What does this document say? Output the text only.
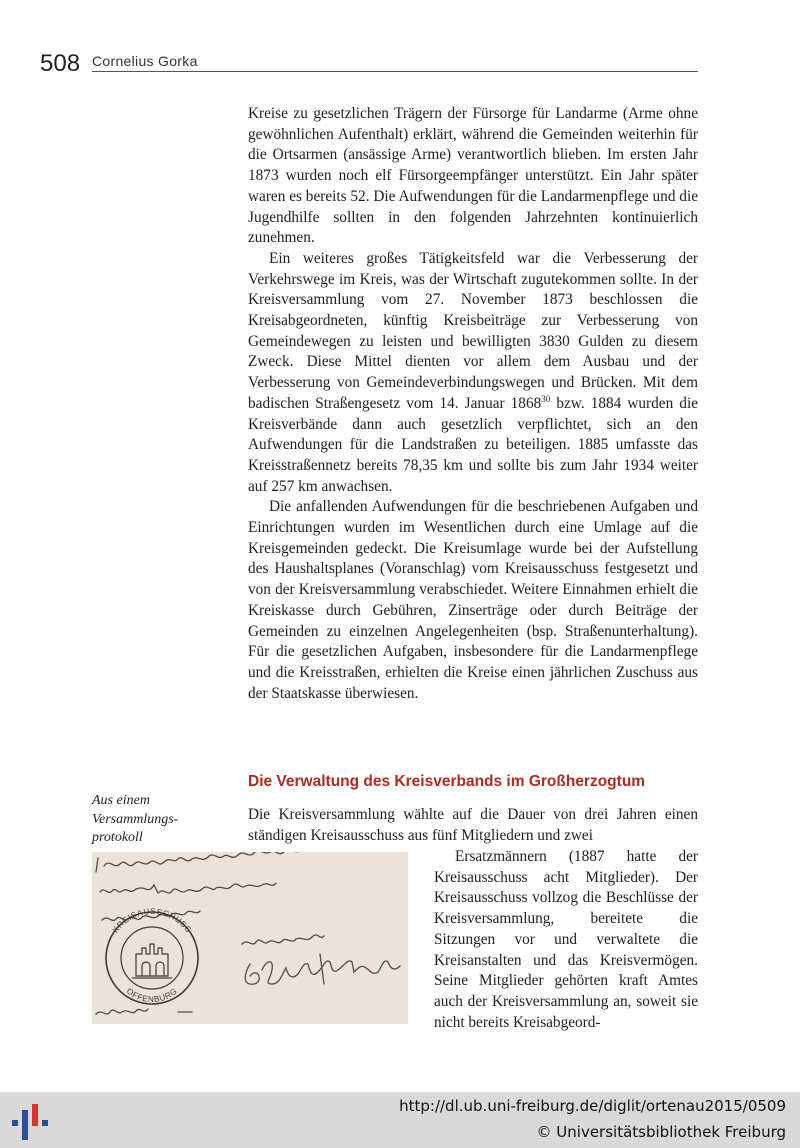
508 Cornelius Gorka

Kreise zu gesetzlichen Trägern der Fürsorge für Landarme (Arme ohne gewöhnlichen Aufenthalt) erklärt, während die Gemeinden weiterhin für die Ortsarmen (ansässige Arme) verantwortlich blieben. Im ersten Jahr 1873 wurden noch elf Fürsorgeempfänger unterstützt. Ein Jahr später waren es bereits 52. Die Aufwendungen für die Landarmenpflege und die Jugendhilfe sollten in den folgenden Jahrzehnten kontinuierlich zunehmen.

Ein weiteres großes Tätigkeitsfeld war die Verbesserung der Verkehrswege im Kreis, was der Wirtschaft zugutekommen sollte. In der Kreisversammlung vom 27. November 1873 beschlossen die Kreisabgeordneten, künftig Kreisbeiträge zur Verbesserung von Gemeindewegen zu leisten und bewilligten 3830 Gulden zu diesem Zweck. Diese Mittel dienten vor allem dem Ausbau und der Verbesserung von Gemeindeverbindungswegen und Brücken. Mit dem badischen Straßengesetz vom 14. Januar 1868$^{30}$ bzw. 1884 wurden die Kreisverbände dann auch gesetzlich verpflichtet, sich an den Aufwendungen für die Landstraßen zu beteiligen. 1885 umfasste das Kreisstraßennetz bereits 78,35 km und sollte bis zum Jahr 1934 weiter auf 257 km anwachsen.

Die anfallenden Aufwendungen für die beschriebenen Aufgaben und Einrichtungen wurden im Wesentlichen durch eine Umlage auf die Kreisgemeinden gedeckt. Die Kreisumlage wurde bei der Aufstellung des Haushaltsplanes (Voranschlag) vom Kreisausschuss festgesetzt und von der Kreisversammlung verabschiedet. Weitere Einnahmen erhielt die Kreiskasse durch Gebühren, Zinserträge oder durch Beiträge der Gemeinden zu einzelnen Angelegenheiten (bsp. Straßenunterhaltung). Für die gesetzlichen Aufgaben, insbesondere für die Landarmenpflege und die Kreisstraßen, erhielten die Kreise einen jährlichen Zuschuss aus der Staatskasse überwiesen.

Die Verwaltung des Kreisverbands im Großherzogtum
Aus einem Versammlungs-protokoll

Die Kreisversammlung wählte auf die Dauer von drei Jahren einen ständigen Kreisausschuss aus fünf Mitgliedern und zwei

Ersatzmännern (1887 hatte der Kreisausschuss acht Mitglieder). Der Kreisausschuss vollzog die Beschlüsse der Kreisversammlung, bereitete die Sitzungen vor und verwaltete die Kreisanstalten und das Kreisvermögen. Seine Mitglieder gehörten kraft Amtes auch der Kreisversammlung an, soweit sie nicht bereits Kreisabgeord-

KREISAUSSCHUSS
OFFENBURG
http://dl.ub.uni-freiburg.de/diglit/ortenau2015/0509
© Universitätsbibliothek Freiburg
